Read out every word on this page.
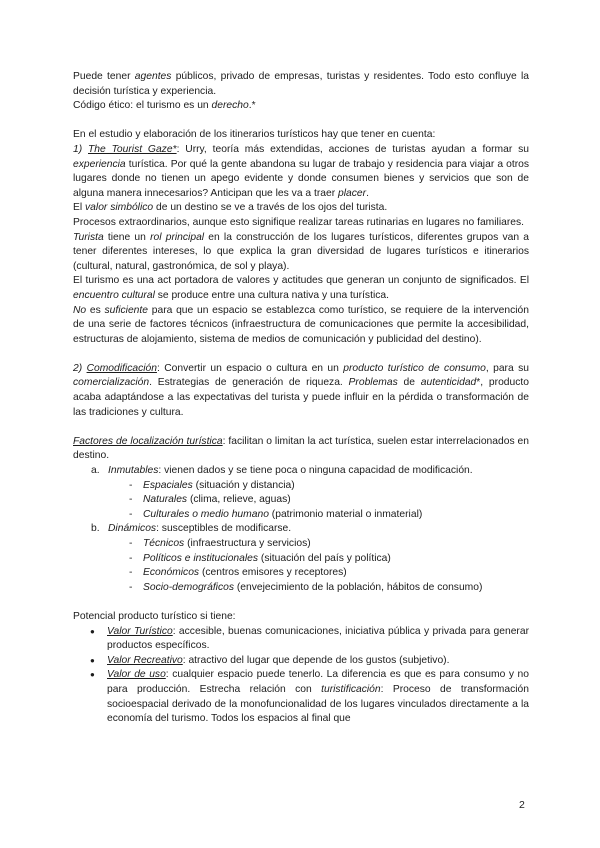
Puede tener agentes públicos, privado de empresas, turistas y residentes. Todo esto confluye la decisión turística y experiencia.

Código ético: el turismo es un derecho.*

En el estudio y elaboración de los itinerarios turísticos hay que tener en cuenta:

1) The Tourist Gaze*: Urry, teoría más extendidas, acciones de turistas ayudan a formar su experiencia turística. Por qué la gente abandona su lugar de trabajo y residencia para viajar a otros lugares donde no tienen un apego evidente y donde consumen bienes y servicios que son de alguna manera innecesarios? Anticipan que les va a traer placer.

El valor simbólico de un destino se ve a través de los ojos del turista.

Procesos extraordinarios, aunque esto signifique realizar tareas rutinarias en lugares no familiares.

Turista tiene un rol principal en la construcción de los lugares turísticos, diferentes grupos van a tener diferentes intereses, lo que explica la gran diversidad de lugares turísticos e itinerarios (cultural, natural, gastronómica, de sol y playa).

El turismo es una act portadora de valores y actitudes que generan un conjunto de significados. El encuentro cultural se produce entre una cultura nativa y una turística.

No es suficiente para que un espacio se establezca como turístico, se requiere de la intervención de una serie de factores técnicos (infraestructura de comunicaciones que permite la accesibilidad, estructuras de alojamiento, sistema de medios de comunicación y publicidad del destino).

2) Comodificación: Convertir un espacio o cultura en un producto turístico de consumo, para su comercialización. Estrategias de generación de riqueza. Problemas de autenticidad*, producto acaba adaptándose a las expectativas del turista y puede influir en la pérdida o transformación de las tradiciones y cultura.

Factores de localización turística: facilitan o limitan la act turística, suelen estar interrelacionados en destino.

a. Inmutables: vienen dados y se tiene poca o ninguna capacidad de modificación.
- Espaciales (situación y distancia)
- Naturales (clima, relieve, aguas)
- Culturales o medio humano (patrimonio material o inmaterial)
b. Dinámicos: susceptibles de modificarse.
- Técnicos (infraestructura y servicios)
- Políticos e institucionales (situación del país y política)
- Económicos (centros emisores y receptores)
- Socio-demográficos (envejecimiento de la población, hábitos de consumo)

Potencial producto turístico si tiene:

● Valor Turístico: accesible, buenas comunicaciones, iniciativa pública y privada para generar productos específicos.
● Valor Recreativo: atractivo del lugar que depende de los gustos (subjetivo).
● Valor de uso: cualquier espacio puede tenerlo. La diferencia es que es para consumo y no para producción. Estrecha relación con turistificación: Proceso de transformación socioespacial derivado de la monofuncionalidad de los lugares vinculados directamente a la economía del turismo. Todos los espacios al final que
2
